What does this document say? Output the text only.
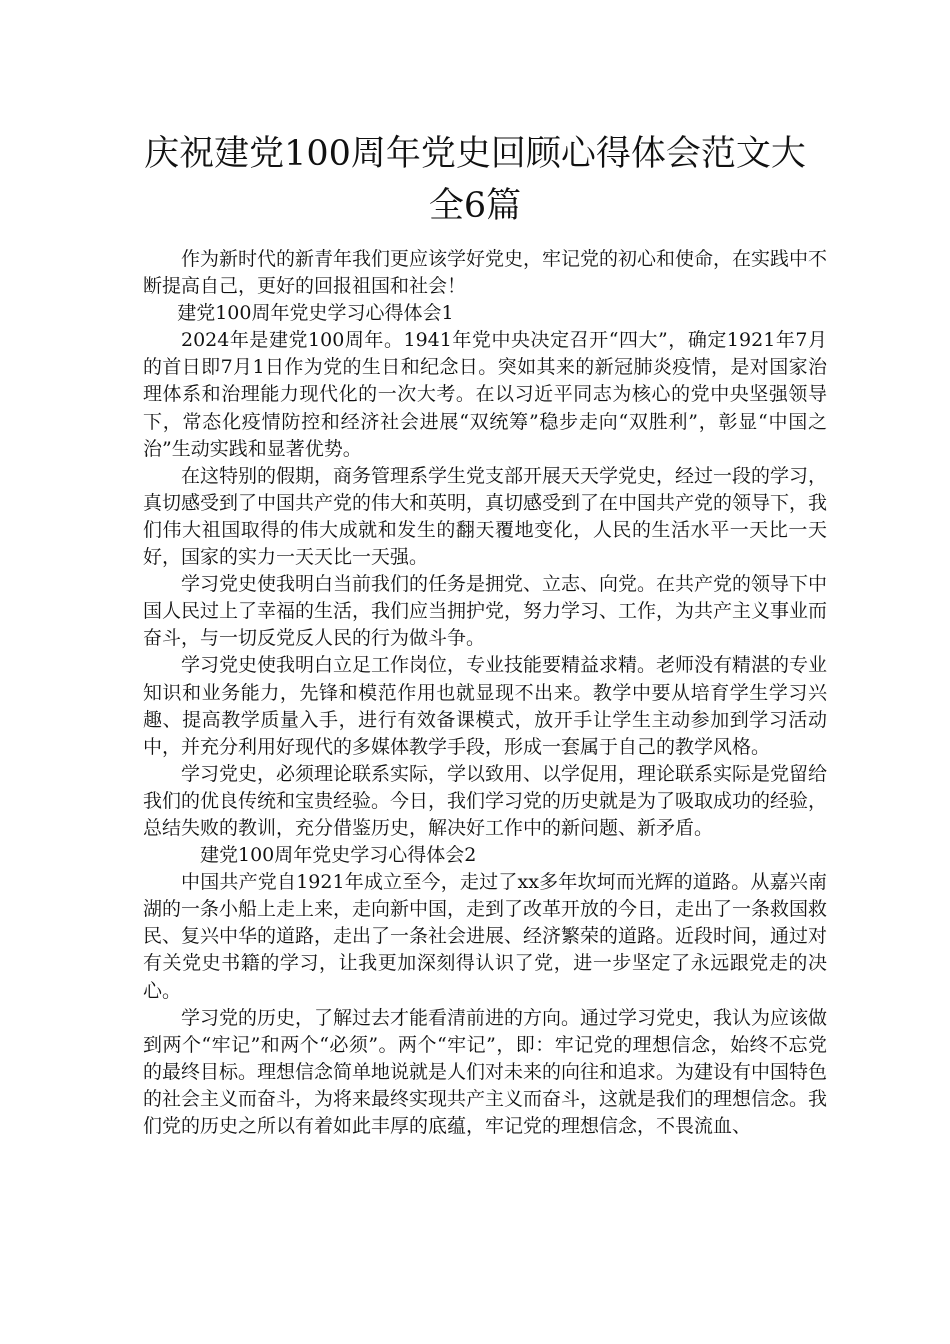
庆祝建党100周年党史回顾心得体会范文大全6篇

作为新时代的新青年我们更应该学好党史，牢记党的初心和使命，在实践中不断提高自己，更好的回报祖国和社会！

建党100周年党史学习心得体会1

2024年是建党100周年。1941年党中央决定召开“四大”，确定1921年7月的首日即7月1日作为党的生日和纪念日。突如其来的新冠肺炎疫情，是对国家治理体系和治理能力现代化的一次大考。在以习近平同志为核心的党中央坚强领导下，常态化疫情防控和经济社会进展“双统筹”稳步走向“双胜利”，彰显“中国之治”生动实践和显著优势。

在这特别的假期，商务管理系学生党支部开展天天学党史，经过一段的学习，真切感受到了中国共产党的伟大和英明，真切感受到了在中国共产党的领导下，我们伟大祖国取得的伟大成就和发生的翻天覆地变化，人民的生活水平一天比一天好，国家的实力一天天比一天强。

学习党史使我明白当前我们的任务是拥党、立志、向党。在共产党的领导下中国人民过上了幸福的生活，我们应当拥护党，努力学习、工作，为共产主义事业而奋斗，与一切反党反人民的行为做斗争。

学习党史使我明白立足工作岗位，专业技能要精益求精。老师没有精湛的专业知识和业务能力，先锋和模范作用也就显现不出来。教学中要从培育学生学习兴趣、提高教学质量入手，进行有效备课模式，放开手让学生主动参加到学习活动中，并充分利用好现代的多媒体教学手段，形成一套属于自己的教学风格。

学习党史，必须理论联系实际，学以致用、以学促用，理论联系实际是党留给我们的优良传统和宝贵经验。今日，我们学习党的历史就是为了吸取成功的经验，总结失败的教训，充分借鉴历史，解决好工作中的新问题、新矛盾。

建党100周年党史学习心得体会2

中国共产党自1921年成立至今，走过了xx多年坎坷而光辉的道路。从嘉兴南湖的一条小船上走上来，走向新中国，走到了改革开放的今日，走出了一条救国救民、复兴中华的道路，走出了一条社会进展、经济繁荣的道路。近段时间，通过对有关党史书籍的学习，让我更加深刻得认识了党，进一步坚定了永远跟党走的决心。

学习党的历史，了解过去才能看清前进的方向。通过学习党史，我认为应该做到两个“牢记”和两个“必须”。两个“牢记”，即：牢记党的理想信念，始终不忘党的最终目标。理想信念简单地说就是人们对未来的向往和追求。为建设有中国特色的社会主义而奋斗，为将来最终实现共产主义而奋斗，这就是我们的理想信念。我们党的历史之所以有着如此丰厚的底蕴，牢记党的理想信念，不畏流血、
